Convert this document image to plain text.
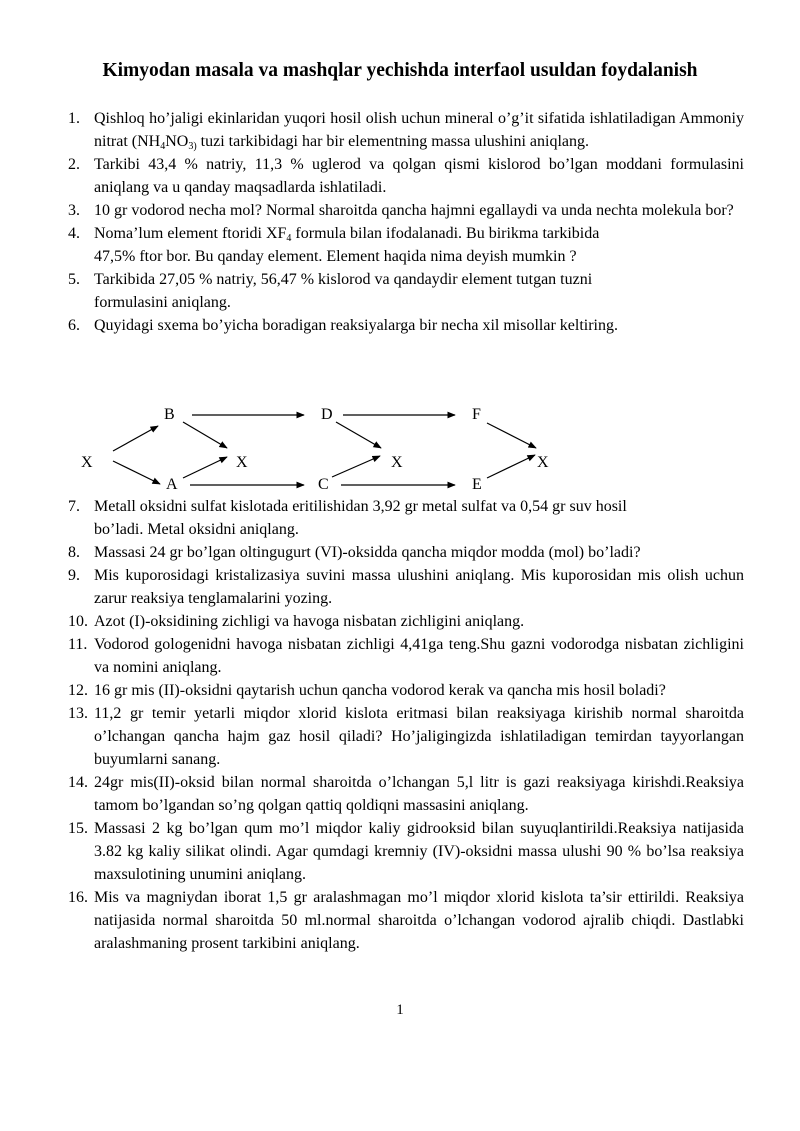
Kimyodan masala va mashqlar yechishda interfaol usuldan foydalanish
1. Qishloq ho’jaligi ekinlaridan yuqori hosil olish uchun mineral o’g’it sifatida ishlatiladigan Ammoniy nitrat ($NH_4NO_{3)}$ tuzi tarkibidagi har bir elementning massa ulushini aniqlang.
2. Tarkibi 43,4 % natriy, 11,3 % uglerod va qolgan qismi kislorod bo’lgan moddani formulasini aniqlang va u qanday maqsadlarda ishlatiladi.
3. 10 gr vodorod necha mol? Normal sharoitda qancha hajmni egallaydi va unda nechta molekula bor?
4. Noma’lum element ftoridi $XF_4$ formula bilan ifodalanadi. Bu birikma tarkibida
47,5% ftor bor. Bu qanday element. Element haqida nima deyish mumkin ?
5. Tarkibida 27,05 % natriy, 56,47 % kislorod va qandaydir element tutgan tuzni
formulasini aniqlang.
6. Quyidagi sxema bo’yicha boradigan reaksiyalarga bir necha xil misollar keltiring.
X
B
A
X
D
C
X
F
E
X
7. Metall oksidni sulfat kislotada eritilishidan 3,92 gr metal sulfat va 0,54 gr suv hosil
bo’ladi. Metal oksidni aniqlang.
8. Massasi 24 gr bo’lgan oltingugurt (VI)-oksidda qancha miqdor modda (mol) bo’ladi?
9. Mis kuporosidagi kristalizasiya suvini massa ulushini aniqlang. Mis kuporosidan mis olish uchun zarur reaksiya tenglamalarini yozing.
10. Azot (I)-oksidining zichligi va havoga nisbatan zichligini aniqlang.
11. Vodorod gologenidni havoga nisbatan zichligi 4,41ga teng.Shu gazni vodorodga nisbatan zichligini va nomini aniqlang.
12. 16 gr mis (II)-oksidni qaytarish uchun qancha vodorod kerak va qancha mis hosil boladi?
13. 11,2 gr temir yetarli miqdor xlorid kislota eritmasi bilan reaksiyaga kirishib normal sharoitda o’lchangan qancha hajm gaz hosil qiladi? Ho’jaligingizda ishlatiladigan temirdan tayyorlangan buyumlarni sanang.
14. 24gr mis(II)-oksid bilan normal sharoitda o’lchangan 5,l litr is gazi reaksiyaga kirishdi.Reaksiya tamom bo’lgandan so’ng qolgan qattiq qoldiqni massasini aniqlang.
15. Massasi 2 kg bo’lgan qum mo’l miqdor kaliy gidrooksid bilan suyuqlantirildi.Reaksiya natijasida 3.82 kg kaliy silikat olindi. Agar qumdagi kremniy (IV)-oksidni massa ulushi 90 % bo’lsa reaksiya maxsulotining unumini aniqlang.
16. Mis va magniydan iborat 1,5 gr aralashmagan mo’l miqdor xlorid kislota ta’sir ettirildi. Reaksiya natijasida normal sharoitda 50 ml.normal sharoitda o’lchangan vodorod ajralib chiqdi. Dastlabki aralashmaning prosent tarkibini aniqlang.
1
